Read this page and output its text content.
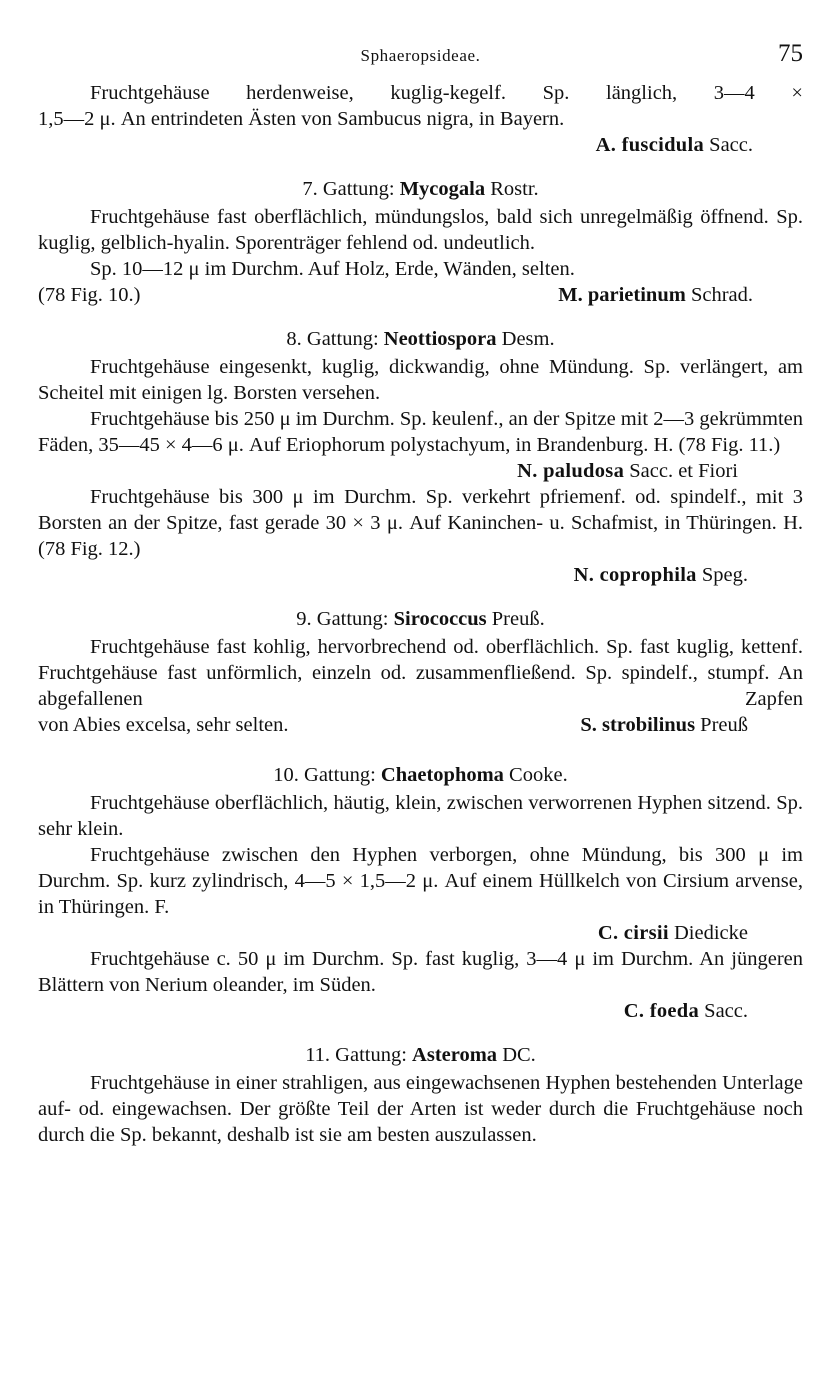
Sphaeropsideae.	75

Fruchtgehäuse herdenweise, kuglig-kegelf. Sp. länglich, 3—4 ×

1,5—2 μ. An entrindeten Ästen von Sambucus nigra, in Bayern.

A. fuscidula Sacc.

7. Gattung: Mycogala Rostr.

Fruchtgehäuse fast oberflächlich, mündungslos, bald sich unregelmäßig öffnend. Sp. kuglig, gelblich-hyalin. Sporenträger fehlend od. undeutlich.

Sp. 10—12 μ im Durchm. Auf Holz, Erde, Wänden, selten.

(78 Fig. 10.)	M. parietinum Schrad.
8. Gattung: Neottiospora Desm.

Fruchtgehäuse eingesenkt, kuglig, dickwandig, ohne Mündung. Sp. verlängert, am Scheitel mit einigen lg. Borsten versehen.

Fruchtgehäuse bis 250 μ im Durchm. Sp. keulenf., an der Spitze mit 2—3 gekrümmten Fäden, 35—45 × 4—6 μ. Auf Eriophorum polystachyum, in Brandenburg. H. (78 Fig. 11.)

N. paludosa Sacc. et Fiori

Fruchtgehäuse bis 300 μ im Durchm. Sp. verkehrt pfriemenf. od. spindelf., mit 3 Borsten an der Spitze, fast gerade 30 × 3 μ. Auf Kaninchen- u. Schafmist, in Thüringen. H. (78 Fig. 12.)

N. coprophila Speg.

9. Gattung: Sirococcus Preuß.

Fruchtgehäuse fast kohlig, hervorbrechend od. oberflächlich. Sp. fast kuglig, kettenf. Fruchtgehäuse fast unförmlich, einzeln od. zusammenfließend. Sp. spindelf., stumpf. An abgefallenen Zapfen

von Abies excelsa, sehr selten.	S. strobilinus Preuß
10. Gattung: Chaetophoma Cooke.

Fruchtgehäuse oberflächlich, häutig, klein, zwischen verworrenen Hyphen sitzend. Sp. sehr klein.

Fruchtgehäuse zwischen den Hyphen verborgen, ohne Mündung, bis 300 μ im Durchm. Sp. kurz zylindrisch, 4—5 × 1,5—2 μ. Auf einem Hüllkelch von Cirsium arvense, in Thüringen. F.

C. cirsii Diedicke

Fruchtgehäuse c. 50 μ im Durchm. Sp. fast kuglig, 3—4 μ im Durchm. An jüngeren Blättern von Nerium oleander, im Süden.

C. foeda Sacc.

11. Gattung: Asteroma DC.

Fruchtgehäuse in einer strahligen, aus eingewachsenen Hyphen bestehenden Unterlage auf- od. eingewachsen. Der größte Teil der Arten ist weder durch die Fruchtgehäuse noch durch die Sp. bekannt, deshalb ist sie am besten auszulassen.
